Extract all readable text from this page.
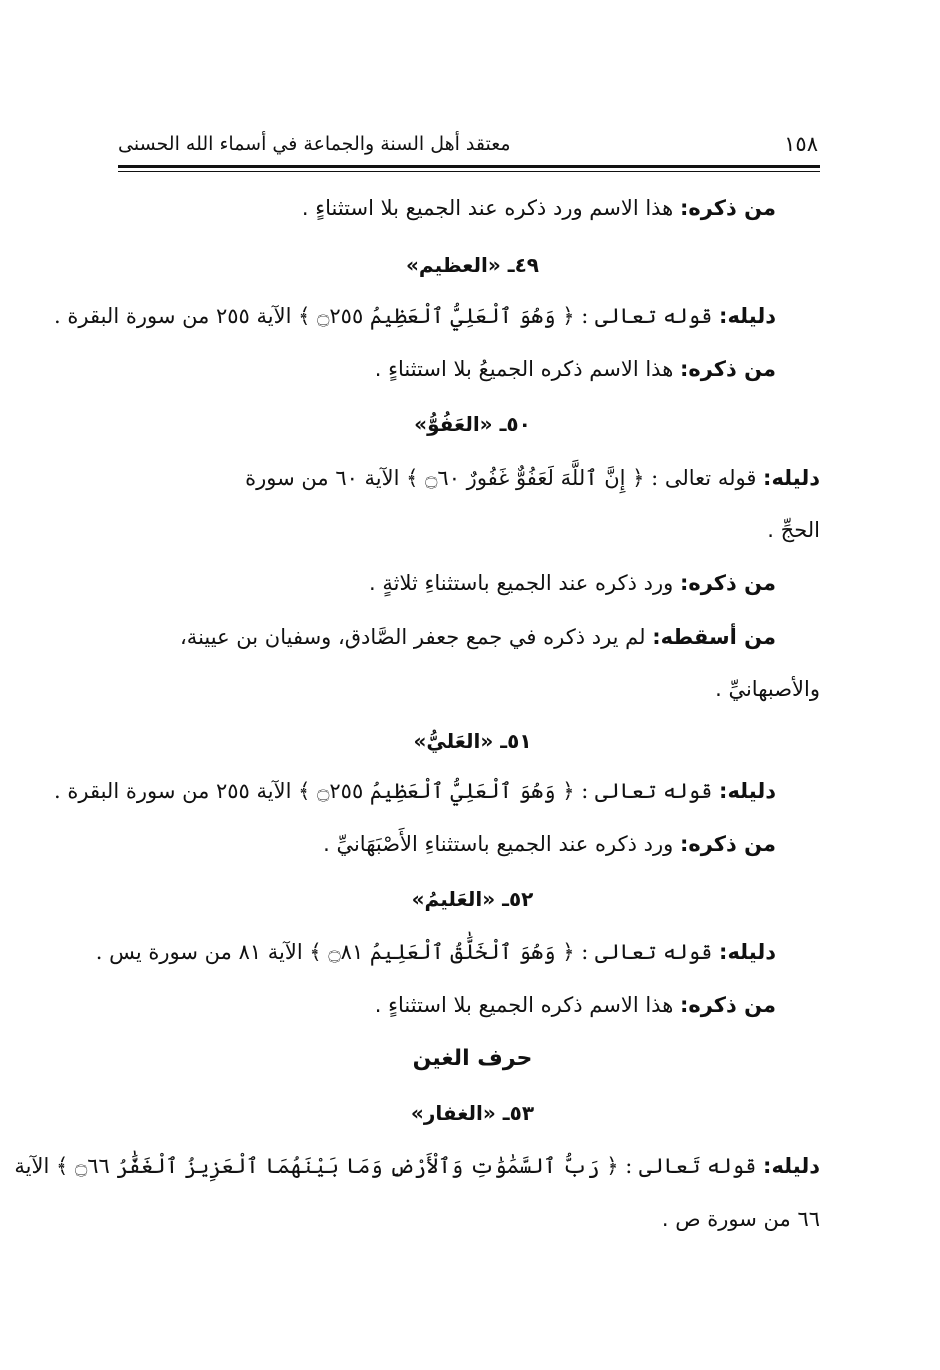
١٥٨
معتقد أهل السنة والجماعة في أسماء الله الحسنى
من ذكره: هذا الاسم ورد ذكره عند الجميع بلا استثناءٍ .
٤٩ـ «العظيم»
دليله: قوله تعالى : ﴿ وَهُوَ ٱلْعَلِيُّ ٱلْعَظِيمُ ۝٢٥٥ ﴾ الآية ٢٥٥ من سورة البقرة .
من ذكره: هذا الاسم ذكره الجميعُ بلا استثناءٍ .
٥٠ـ «العَفُوُّ»
دليله: قوله تعالى : ﴿ إِنَّ ٱللَّهَ لَعَفُوٌّ غَفُورٌ ۝٦٠ ﴾ الآية ٦٠ من سورة
الحجِّ .
من ذكره: ورد ذكره عند الجميع باستثناءِ ثلاثةٍ .
من أسقطه: لم يرد ذكره في جمع جعفر الصَّادق، وسفيان بن عيينة،
والأصبهانيِّ .
٥١ـ «العَليُّ»
دليله: قوله تعالى : ﴿ وَهُوَ ٱلْعَلِيُّ ٱلْعَظِيمُ ۝٢٥٥ ﴾ الآية ٢٥٥ من سورة البقرة .
من ذكره: ورد ذكره عند الجميع باستثناءِ الأَصْبَهَانيِّ .
٥٢ـ «العَليمُ»
دليله: قوله تعالى : ﴿ وَهُوَ ٱلْخَلَّٰقُ ٱلْعَلِيمُ ۝٨١ ﴾ الآية ٨١ من سورة يس .
من ذكره: هذا الاسم ذكره الجميع بلا استثناءٍ .
حرف الغين
٥٣ـ «الغفار»
دليله: قوله تَعالى : ﴿ رَبُّ ٱلسَّمَٰوَٰتِ وَٱلْأَرْضِ وَمَا بَيْنَهُمَا ٱلْعَزِيزُ ٱلْغَفَّٰرُ ۝٦٦ ﴾ الآية
٦٦ من سورة ص .
